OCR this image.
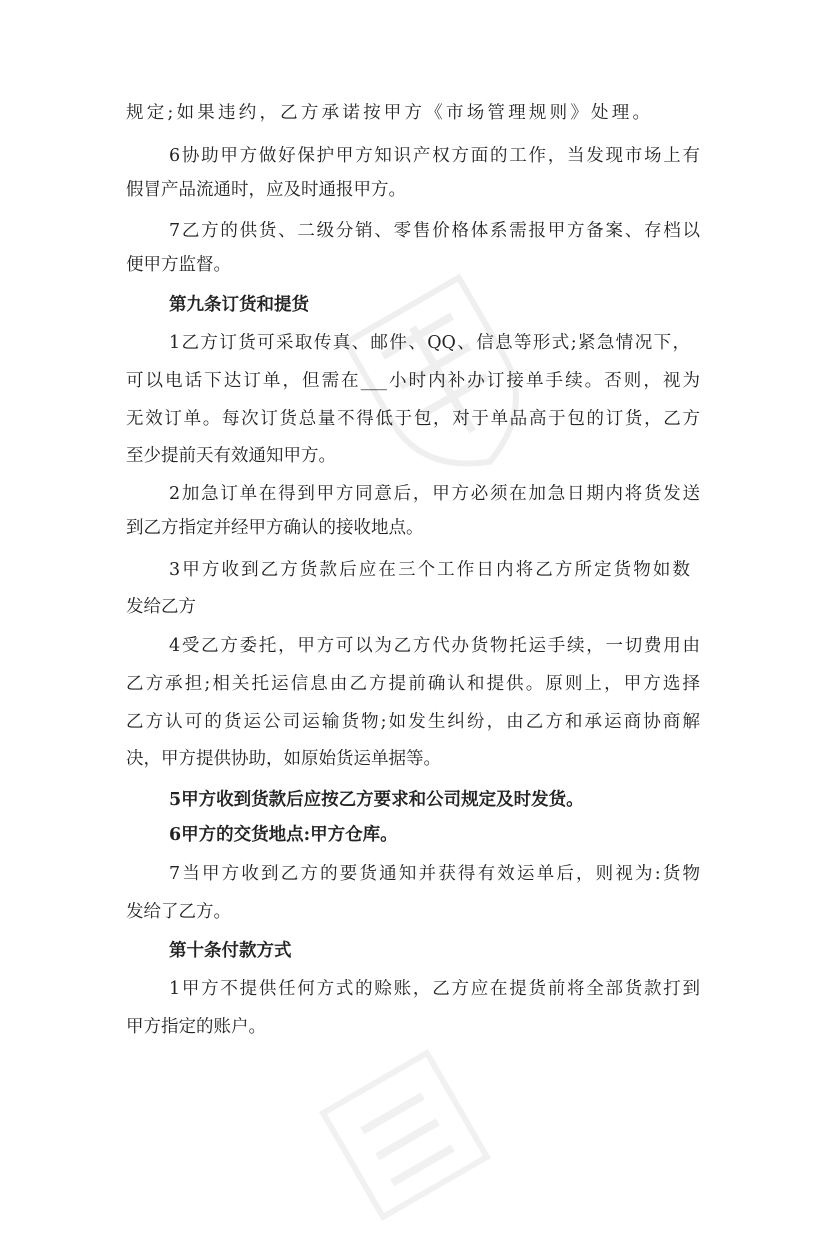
规定;如果违约，乙方承诺按甲方《市场管理规则》处理。
6协助甲方做好保护甲方知识产权方面的工作，当发现市场上有
假冒产品流通时，应及时通报甲方。
7乙方的供货、二级分销、零售价格体系需报甲方备案、存档以
便甲方监督。
第九条订货和提货
1乙方订货可采取传真、邮件、QQ、信息等形式;紧急情况下，
可以电话下达订单，但需在___小时内补办订接单手续。否则，视为
无效订单。每次订货总量不得低于包，对于单品高于包的订货，乙方
至少提前天有效通知甲方。
2加急订单在得到甲方同意后，甲方必须在加急日期内将货发送
到乙方指定并经甲方确认的接收地点。
3甲方收到乙方货款后应在三个工作日内将乙方所定货物如数
发给乙方
4受乙方委托，甲方可以为乙方代办货物托运手续，一切费用由
乙方承担;相关托运信息由乙方提前确认和提供。原则上，甲方选择
乙方认可的货运公司运输货物;如发生纠纷，由乙方和承运商协商解
决，甲方提供协助，如原始货运单据等。
5甲方收到货款后应按乙方要求和公司规定及时发货。
6甲方的交货地点:甲方仓库。
7当甲方收到乙方的要货通知并获得有效运单后，则视为:货物
发给了乙方。
第十条付款方式
1甲方不提供任何方式的赊账，乙方应在提货前将全部货款打到
甲方指定的账户。
